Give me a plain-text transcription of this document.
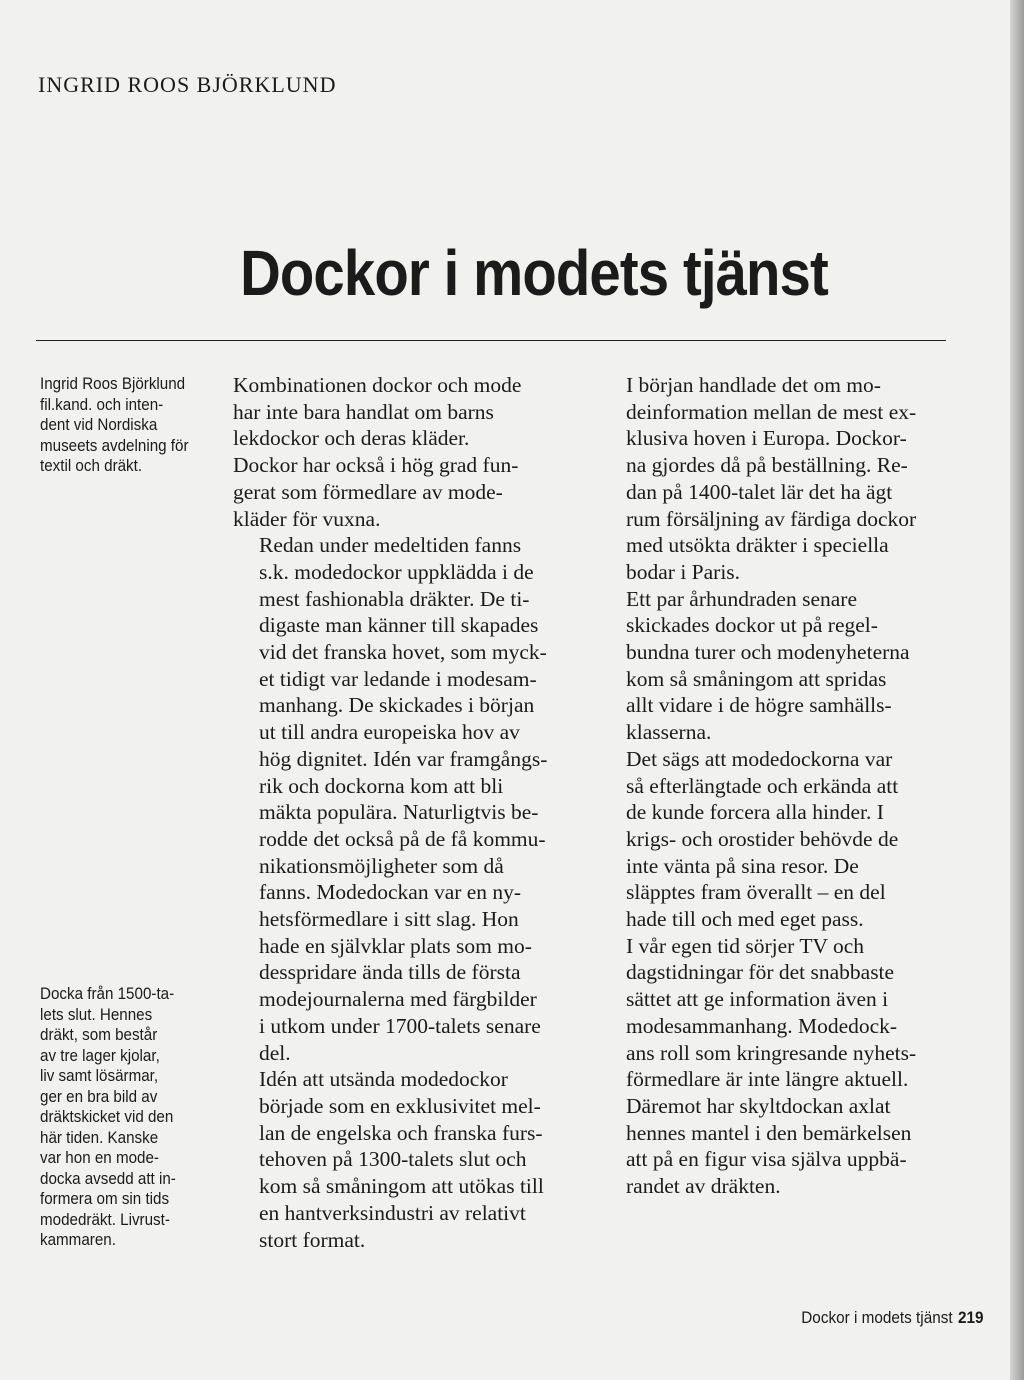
INGRID ROOS BJÖRKLUND
Dockor i modets tjänst

Ingrid Roos Björklund
fil.kand. och inten-
dent vid Nordiska
museets avdelning för
textil och dräkt.

Docka från 1500-ta-
lets slut. Hennes
dräkt, som består
av tre lager kjolar,
liv samt lösärmar,
ger en bra bild av
dräktskicket vid den
här tiden. Kanske
var hon en mode-
docka avsedd att in-
formera om sin tids
modedräkt. Livrust-
kammaren.

Kombinationen dockor och mode
har inte bara handlat om barns
lekdockor och deras kläder.
Dockor har också i hög grad fun-
gerat som förmedlare av mode-
kläder för vuxna.

Redan under medeltiden fanns
s.k. modedockor uppklädda i de
mest fashionabla dräkter. De ti-
digaste man känner till skapades
vid det franska hovet, som myck-
et tidigt var ledande i modesam-
manhang. De skickades i början
ut till andra europeiska hov av
hög dignitet. Idén var framgångs-
rik och dockorna kom att bli
mäkta populära. Naturligtvis be-
rodde det också på de få kommu-
nikationsmöjligheter som då
fanns. Modedockan var en ny-
hetsförmedlare i sitt slag. Hon
hade en självklar plats som mo-
desspridare ända tills de första
modejournalerna med färgbilder
i utkom under 1700-talets senare
del.

Idén att utsända modedockor
började som en exklusivitet mel-
lan de engelska och franska furs-
tehoven på 1300-talets slut och
kom så småningom att utökas till
en hantverksindustri av relativt
stort format.

I början handlade det om mo-
deinformation mellan de mest ex-
klusiva hoven i Europa. Dockor-
na gjordes då på beställning. Re-
dan på 1400-talet lär det ha ägt
rum försäljning av färdiga dockor
med utsökta dräkter i speciella
bodar i Paris.

Ett par århundraden senare
skickades dockor ut på regel-
bundna turer och modenyheterna
kom så småningom att spridas
allt vidare i de högre samhälls-
klasserna.

Det sägs att modedockorna var
så efterlängtade och erkända att
de kunde forcera alla hinder. I
krigs- och orostider behövde de
inte vänta på sina resor. De
släpptes fram överallt – en del
hade till och med eget pass.

I vår egen tid sörjer TV och
dagstidningar för det snabbaste
sättet att ge information även i
modesammanhang. Modedock-
ans roll som kringresande nyhets-
förmedlare är inte längre aktuell.
Däremot har skyltdockan axlat
hennes mantel i den bemärkelsen
att på en figur visa själva uppbä-
randet av dräkten.

Dockor i modets tjänst 219
